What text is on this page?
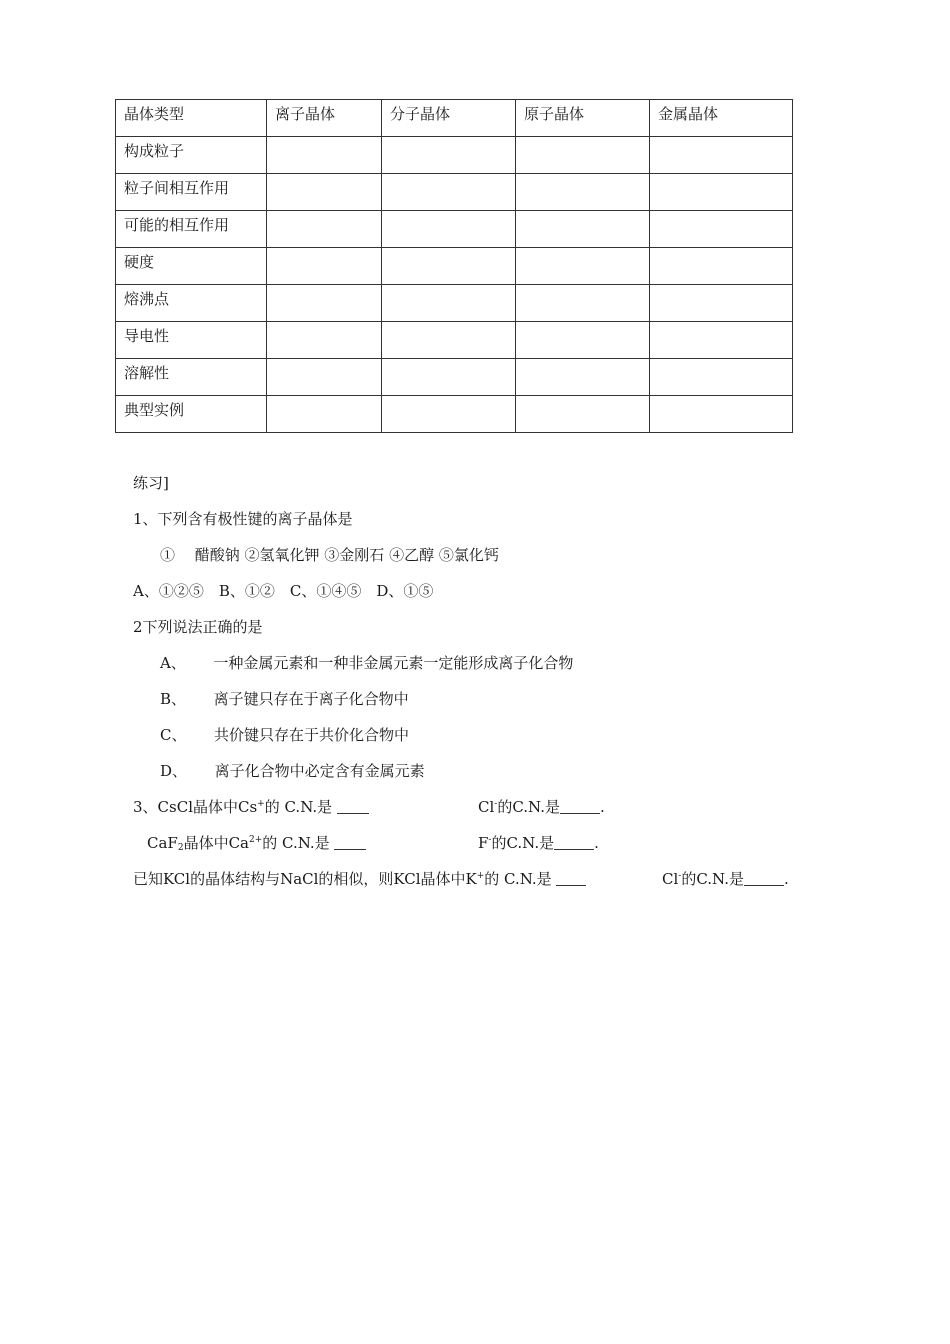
晶体类型	离子晶体	分子晶体	原子晶体	金属晶体
构成粒子				
粒子间相互作用				
可能的相互作用				
硬度				
熔沸点				
导电性				
溶解性				
典型实例				
练习]
1、下列含有极性键的离子晶体是
①　 醋酸钠 ②氢氧化钾 ③金刚石 ④乙醇 ⑤氯化钙
A、①②⑤　B、①②　C、①④⑤　D、①⑤
2下列说法正确的是
A、 一种金属元素和一种非金属元素一定能形成离子化合物
B、 离子键只存在于离子化合物中
C、 共价键只存在于共价化合物中
D、 离子化合物中必定含有金属元素
3、CsCl晶体中Cs+的 C.N.是	Cl-的C.N.是	.
CaF$_2$晶体中$Ca^{2+}$的 C.N.是	F-的C.N.是	.
已知KCl的晶体结构与NaCl的相似，则KCl晶体中K+的 C.N.是	Cl-的C.N.是	.
